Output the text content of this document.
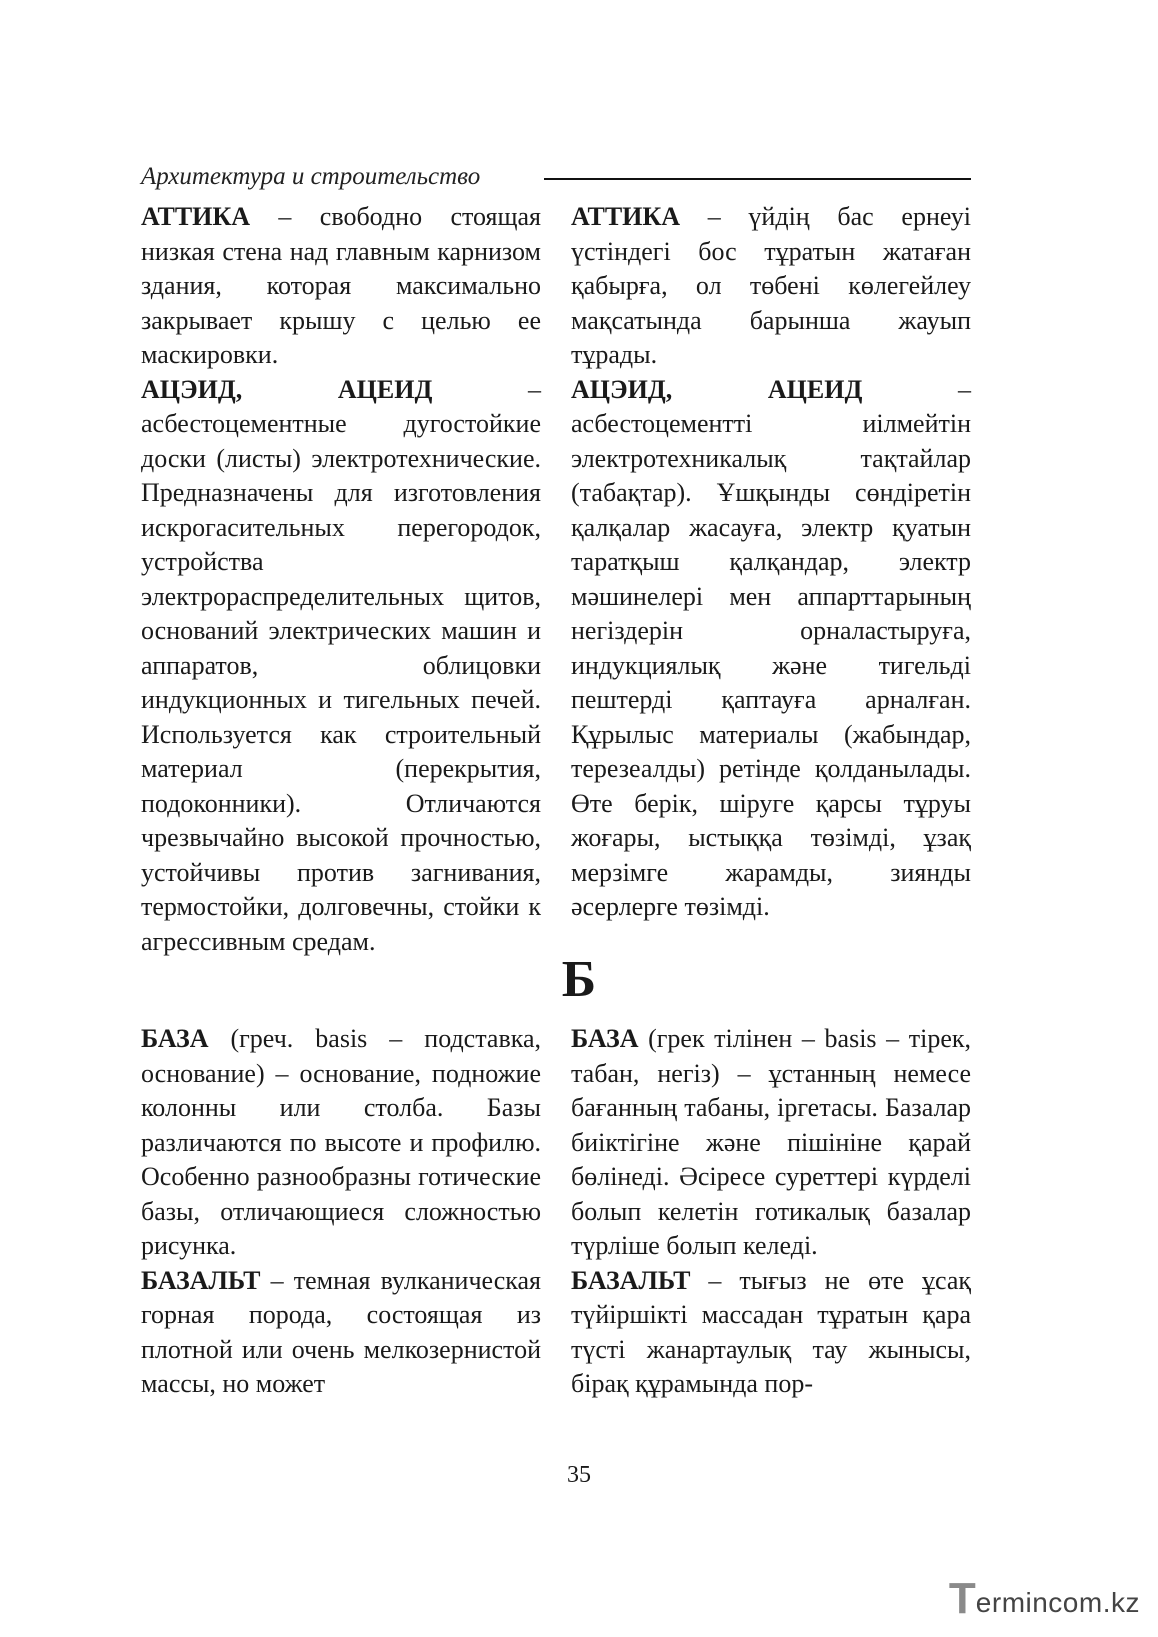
Архитектура и строительство

АТТИКА – свободно стоящая низкая стена над главным карнизом здания, которая максимально закрывает крышу с целью ее маскировки.

АЦЭИД, АЦЕИД – асбестоцементные дугостойкие доски (листы) электротехнические. Предназначены для изготовления искрогасительных перегородок, устройства электрораспределительных щитов, оснований электрических машин и аппаратов, облицовки индукционных и тигельных печей. Используется как строительный материал (перекрытия, подоконники). Отличаются чрезвычайно высокой прочностью, устойчивы против загнивания, термостойки, долговечны, стойки к агрессивным средам.

АТТИКА – үйдің бас ернеуі үстіндегі бос тұратын жатаған қабырға, ол төбені көлегейлеу мақсатында барынша жауып тұрады.

АЦЭИД, АЦЕИД – асбестоцементті иілмейтін электротехникалық тақтайлар (табақтар). Ұшқынды сөндіретін қалқалар жасауға, электр қуатын таратқыш қалқандар, электр мәшинелері мен аппарттарының негіздерін орналастыруға, индукциялық және тигельді пештерді қаптауға арналған. Құрылыс материалы (жабындар, терезеалды) ретінде қолданылады. Өте берік, шіруге қарсы тұруы жоғары, ыстыққа төзімді, ұзақ мерзімге жарамды, зиянды әсерлерге төзімді.

Б

БАЗА (греч. basis – подставка, основание) – основание, подножие колонны или столба. Базы различаются по высоте и профилю. Особенно разнообразны готические базы, отличающиеся сложностью рисунка.

БАЗАЛЬТ – темная вулканическая горная порода, состоящая из плотной или очень мелкозернистой массы, но может

БАЗА (грек тілінен – basis – тірек, табан, негіз) – ұстанның немесе бағанның табаны, іргетасы. Базалар биіктігіне және пішініне қарай бөлінеді. Әсіресе суреттері күрделі болып келетін готикалық базалар түрліше болып келеді.

БАЗАЛЬТ – тығыз не өте ұсақ түйіршікті массадан тұратын қара түсті жанартаулық тау жынысы, бірақ құрамында пор-

35
T ermincom.kz
